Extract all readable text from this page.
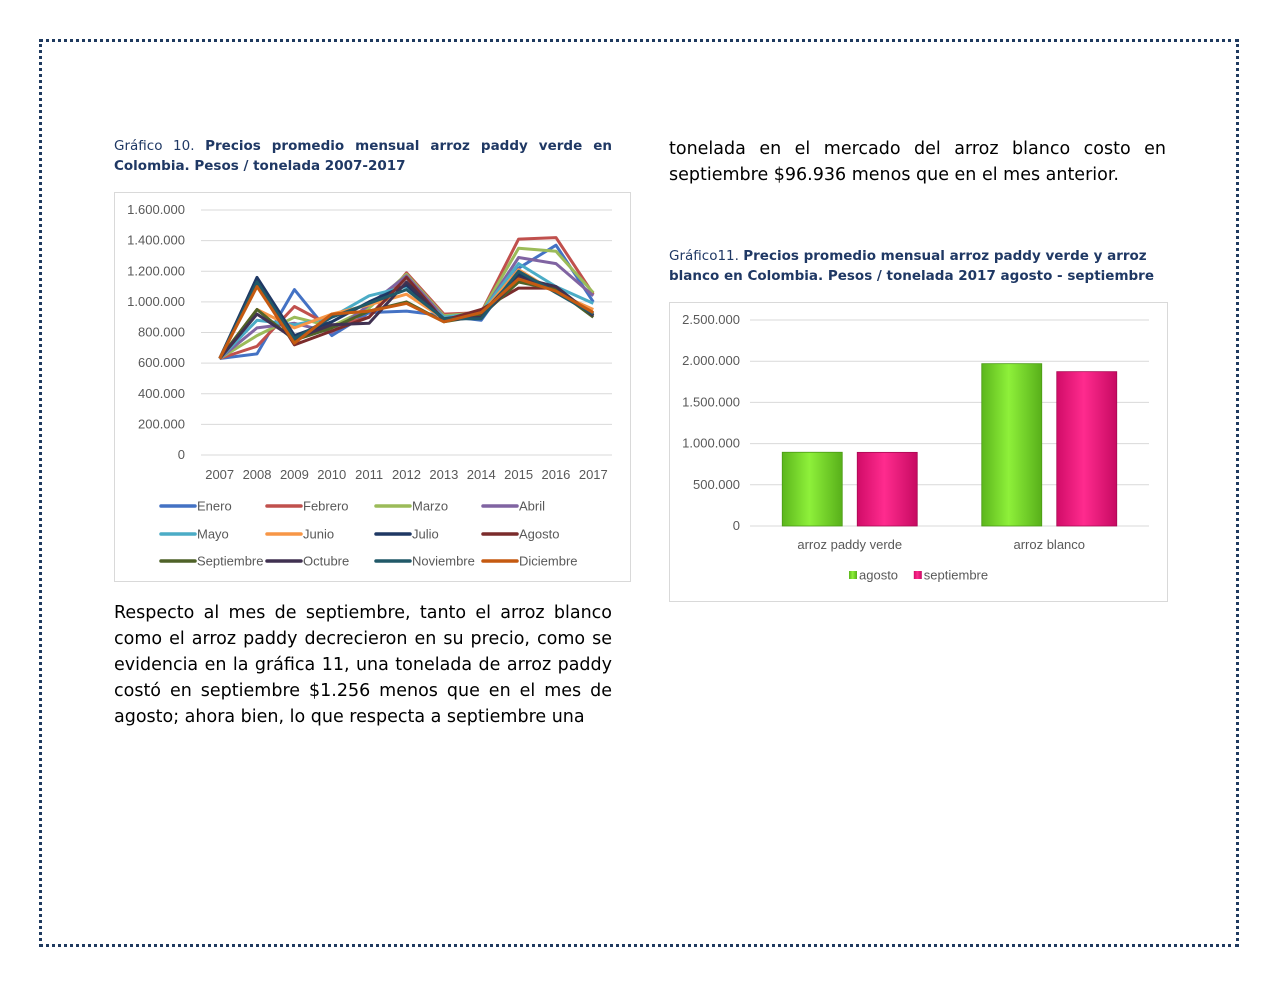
Gráfico 10. Precios promedio mensual arroz paddy verde en Colombia. Pesos / tonelada 2007-2017
0
200.000
400.000
600.000
800.000
1.000.000
1.200.000
1.400.000
1.600.000
2007 2008 2009 2010 2011 2012 2013 2014 2015 2016 2017
Enero	Febrero	Marzo	Abril
Mayo	Junio	Julio	Agosto
Septiembre	Octubre	Noviembre	Diciembre

Respecto al mes de septiembre, tanto el arroz blanco como el arroz paddy decrecieron en su precio, como se evidencia en la gráfica 11, una tonelada de arroz paddy costó en septiembre $1.256 menos que en el mes de agosto; ahora bien, lo que respecta a septiembre una

tonelada en el mercado del arroz blanco costo en septiembre $96.936 menos que en el mes anterior.

Gráfico11. Precios promedio mensual arroz paddy verde y arroz blanco en Colombia. Pesos / tonelada 2017 agosto - septiembre
0
500.000
1.000.000
1.500.000
2.000.000
2.500.000
arroz paddy verde	arroz blanco
agosto septiembre
